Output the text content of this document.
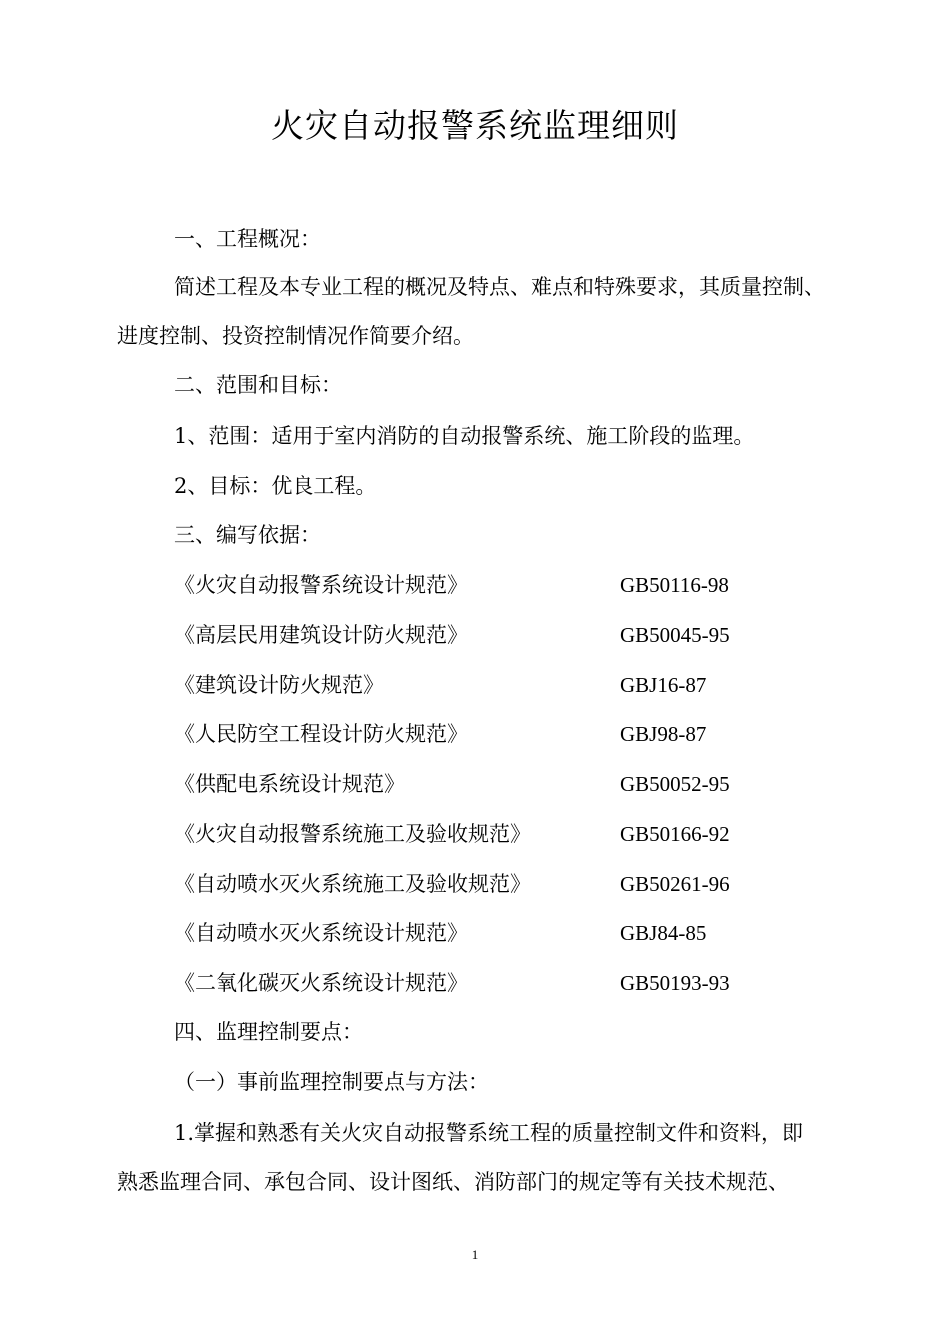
火灾自动报警系统监理细则
一、工程概况：
简述工程及本专业工程的概况及特点、难点和特殊要求，其质量控制、
进度控制、投资控制情况作简要介绍。
二、范围和目标：
1、范围：适用于室内消防的自动报警系统、施工阶段的监理。
2、目标：优良工程。
三、编写依据：
《火灾自动报警系统设计规范》	GB50116-98
《高层民用建筑设计防火规范》	GB50045-95
《建筑设计防火规范》	GBJ16-87
《人民防空工程设计防火规范》	GBJ98-87
《供配电系统设计规范》	GB50052-95
《火灾自动报警系统施工及验收规范》	GB50166-92
《自动喷水灭火系统施工及验收规范》	GB50261-96
《自动喷水灭火系统设计规范》	GBJ84-85
《二氧化碳灭火系统设计规范》	GB50193-93
四、监理控制要点：
（一）事前监理控制要点与方法：
1.掌握和熟悉有关火灾自动报警系统工程的质量控制文件和资料，即
熟悉监理合同、承包合同、设计图纸、消防部门的规定等有关技术规范、
1
